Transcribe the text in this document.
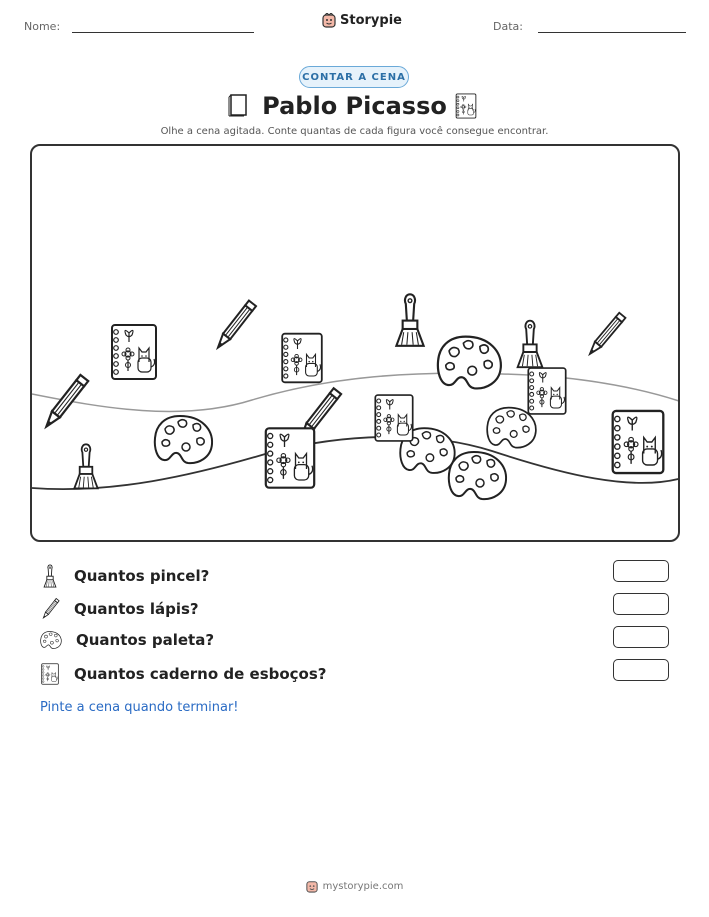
Nome:	Storypie	Data:
CONTAR A CENA
Pablo Picasso
Olhe a cena agitada. Conte quantas de cada figura você consegue encontrar.
Quantos pincel?
Quantos lápis?
Quantos paleta?
Quantos caderno de esboços?
Pinte a cena quando terminar!
mystorypie.com
